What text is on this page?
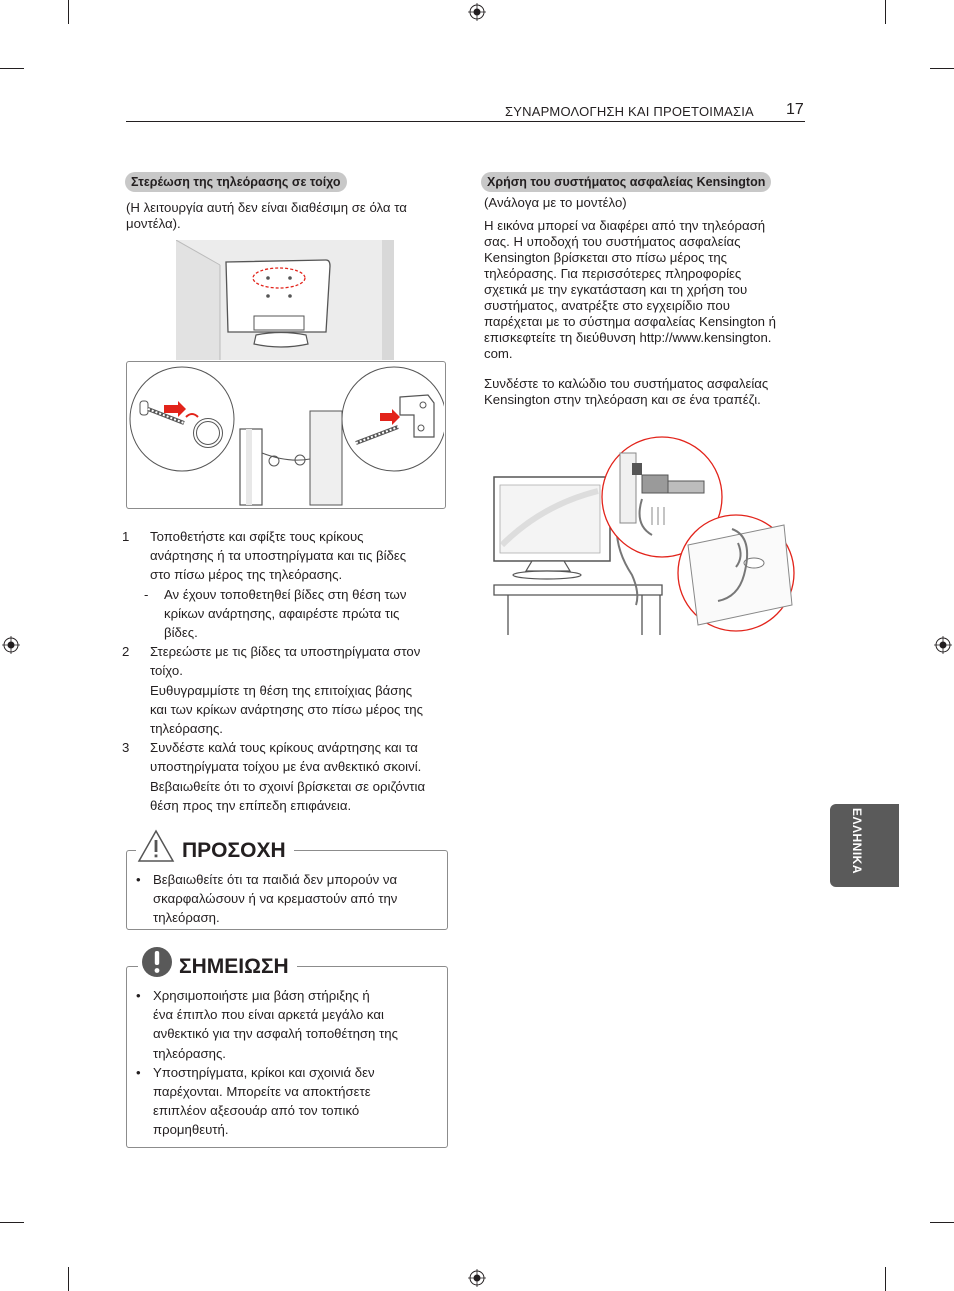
ΣΥΝΑΡΜΟΛΟΓΗΣΗ ΚΑΙ ΠΡΟΕΤΟΙΜΑΣΙΑ 17
Στερέωση της τηλεόρασης σε τοίχο
(Η λειτουργία αυτή δεν είναι διαθέσιμη σε όλα τα μοντέλα).
1 Τοποθετήστε και σφίξτε τους κρίκους
ανάρτησης ή τα υποστηρίγματα και τις βίδες
στο πίσω μέρος της τηλεόρασης.
- Αν έχουν τοποθετηθεί βίδες στη θέση των
κρίκων ανάρτησης, αφαιρέστε πρώτα τις
βίδες.
2 Στερεώστε με τις βίδες τα υποστηρίγματα στον
τοίχο.
Ευθυγραμμίστε τη θέση της επιτοίχιας βάσης
και των κρίκων ανάρτησης στο πίσω μέρος της
τηλεόρασης.
3 Συνδέστε καλά τους κρίκους ανάρτησης και τα
υποστηρίγματα τοίχου με ένα ανθεκτικό σκοινί.
Βεβαιωθείτε ότι το σχοινί βρίσκεται σε οριζόντια
θέση προς την επίπεδη επιφάνεια.
ΠΡΟΣΟΧΗ
• Βεβαιωθείτε ότι τα παιδιά δεν μπορούν να
σκαρφαλώσουν ή να κρεμαστούν από την
τηλεόραση.
ΣΗΜΕΙΩΣΗ
• Χρησιμοποιήστε μια βάση στήριξης ή
ένα έπιπλο που είναι αρκετά μεγάλο και
ανθεκτικό για την ασφαλή τοποθέτηση της
τηλεόρασης.
• Υποστηρίγματα, κρίκοι και σχοινιά δεν
παρέχονται. Μπορείτε να αποκτήσετε
επιπλέον αξεσουάρ από τον τοπικό
προμηθευτή.
Χρήση του συστήματος ασφαλείας Kensington
(Ανάλογα με το μοντέλο)
Η εικόνα μπορεί να διαφέρει από την τηλεόρασή
σας. Η υποδοχή του συστήματος ασφαλείας
Kensington βρίσκεται στο πίσω μέρος της
τηλεόρασης. Για περισσότερες πληροφορίες
σχετικά με την εγκατάσταση και τη χρήση του
συστήματος, ανατρέξτε στο εγχειρίδιο που
παρέχεται με το σύστημα ασφαλείας Kensington ή
επισκεφτείτε τη διεύθυνση http://www.kensington.
com.
Συνδέστε το καλώδιο του συστήματος ασφαλείας
Kensington στην τηλεόραση και σε ένα τραπέζι.
ΕΛΛΗΝΙΚΑ
